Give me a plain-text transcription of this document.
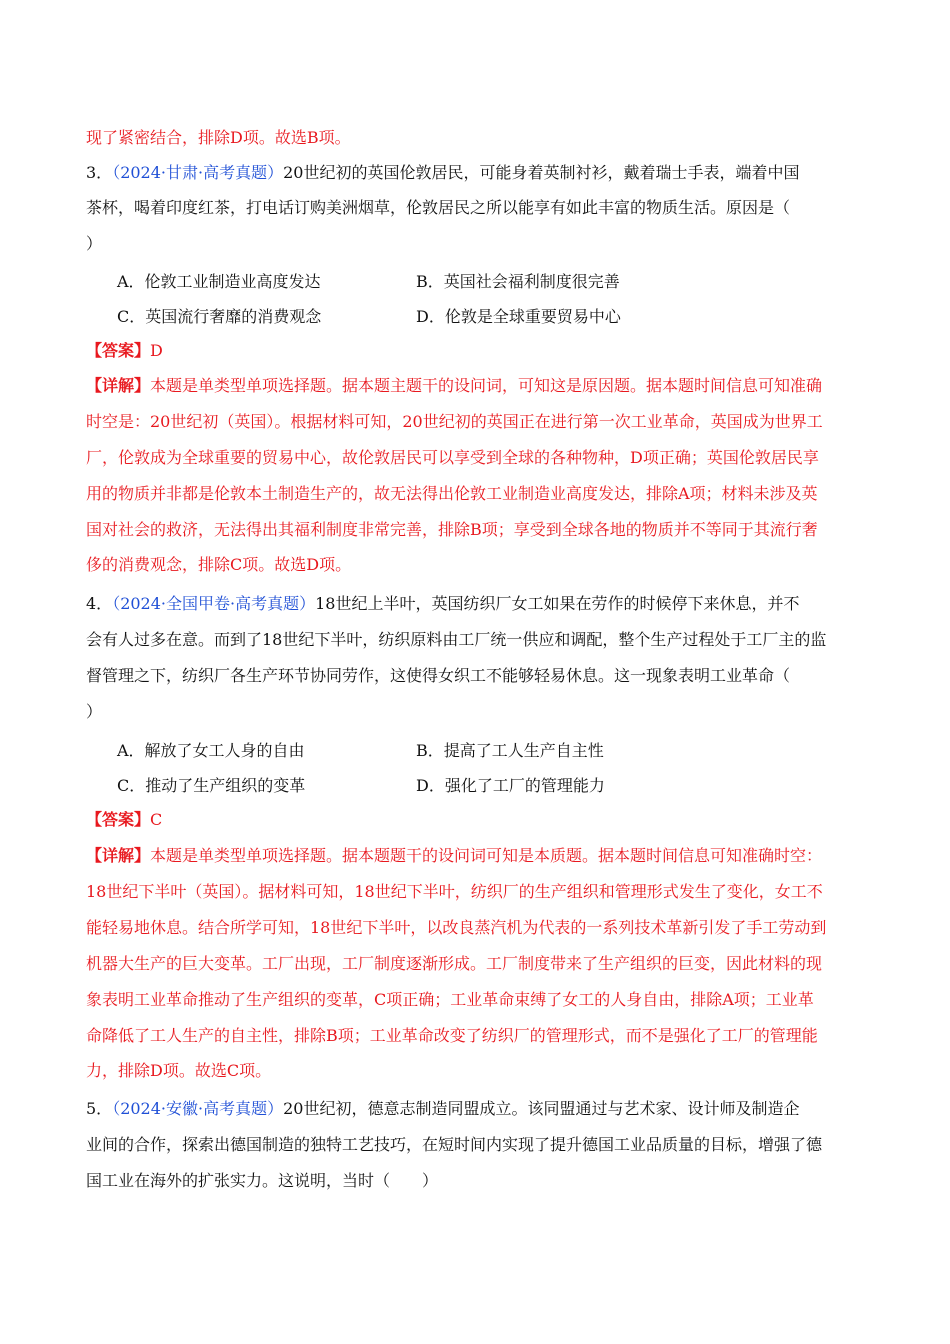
现了紧密结合，排除D项。故选B项。
3．（2024·甘肃·高考真题）20世纪初的英国伦敦居民，可能身着英制衬衫，戴着瑞士手表，端着中国
茶杯，喝着印度红茶，打电话订购美洲烟草，伦敦居民之所以能享有如此丰富的物质生活。原因是（
）
A．伦敦工业制造业高度发达	B．英国社会福利制度很完善
C．英国流行奢靡的消费观念	D．伦敦是全球重要贸易中心
【答案】D
【详解】本题是单类型单项选择题。据本题主题干的设问词，可知这是原因题。据本题时间信息可知准确
时空是：20世纪初（英国）。根据材料可知，20世纪初的英国正在进行第一次工业革命，英国成为世界工
厂，伦敦成为全球重要的贸易中心，故伦敦居民可以享受到全球的各种物种，D项正确；英国伦敦居民享
用的物质并非都是伦敦本土制造生产的，故无法得出伦敦工业制造业高度发达，排除A项；材料未涉及英
国对社会的救济，无法得出其福利制度非常完善，排除B项；享受到全球各地的物质并不等同于其流行奢
侈的消费观念，排除C项。故选D项。
4．（2024·全国甲卷·高考真题）18世纪上半叶，英国纺织厂女工如果在劳作的时候停下来休息，并不
会有人过多在意。而到了18世纪下半叶，纺织原料由工厂统一供应和调配，整个生产过程处于工厂主的监
督管理之下，纺织厂各生产环节协同劳作，这使得女织工不能够轻易休息。这一现象表明工业革命（
）
A．解放了女工人身的自由	B．提高了工人生产自主性
C．推动了生产组织的变革	D．强化了工厂的管理能力
【答案】C
【详解】本题是单类型单项选择题。据本题题干的设问词可知是本质题。据本题时间信息可知准确时空：
18世纪下半叶（英国）。据材料可知，18世纪下半叶，纺织厂的生产组织和管理形式发生了变化，女工不
能轻易地休息。结合所学可知，18世纪下半叶，以改良蒸汽机为代表的一系列技术革新引发了手工劳动到
机器大生产的巨大变革。工厂出现，工厂制度逐渐形成。工厂制度带来了生产组织的巨变，因此材料的现
象表明工业革命推动了生产组织的变革，C项正确；工业革命束缚了女工的人身自由，排除A项；工业革
命降低了工人生产的自主性，排除B项；工业革命改变了纺织厂的管理形式，而不是强化了工厂的管理能
力，排除D项。故选C项。
5．（2024·安徽·高考真题）20世纪初，德意志制造同盟成立。该同盟通过与艺术家、设计师及制造企
业间的合作，探索出德国制造的独特工艺技巧，在短时间内实现了提升德国工业品质量的目标，增强了德
国工业在海外的扩张实力。这说明，当时（　　）
